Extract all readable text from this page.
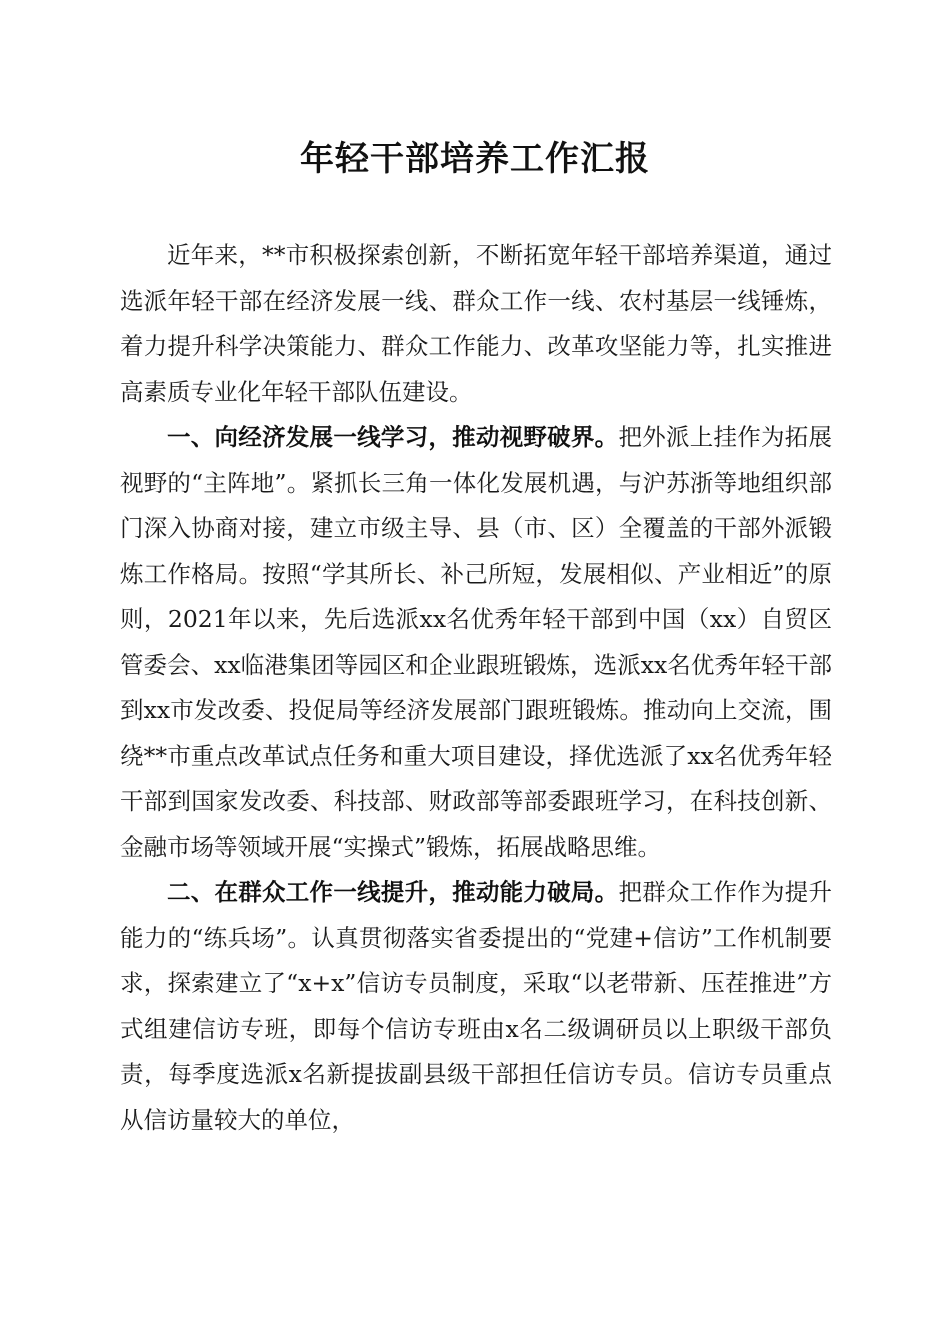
年轻干部培养工作汇报

近年来，**市积极探索创新，不断拓宽年轻干部培养渠道，通过选派年轻干部在经济发展一线、群众工作一线、农村基层一线锤炼，着力提升科学决策能力、群众工作能力、改革攻坚能力等，扎实推进高素质专业化年轻干部队伍建设。

一、向经济发展一线学习，推动视野破界。把外派上挂作为拓展视野的“主阵地”。紧抓长三角一体化发展机遇，与沪苏浙等地组织部门深入协商对接，建立市级主导、县（市、区）全覆盖的干部外派锻炼工作格局。按照“学其所长、补己所短，发展相似、产业相近”的原则，2021年以来，先后选派xx名优秀年轻干部到中国（xx）自贸区管委会、xx临港集团等园区和企业跟班锻炼，选派xx名优秀年轻干部到xx市发改委、投促局等经济发展部门跟班锻炼。推动向上交流，围绕**市重点改革试点任务和重大项目建设，择优选派了xx名优秀年轻干部到国家发改委、科技部、财政部等部委跟班学习，在科技创新、金融市场等领域开展“实操式”锻炼，拓展战略思维。

二、在群众工作一线提升，推动能力破局。把群众工作作为提升能力的“练兵场”。认真贯彻落实省委提出的“党建+信访”工作机制要求，探索建立了“x+x”信访专员制度，采取“以老带新、压茬推进”方式组建信访专班，即每个信访专班由x名二级调研员以上职级干部负责，每季度选派x名新提拔副县级干部担任信访专员。信访专员重点从信访量较大的单位，
